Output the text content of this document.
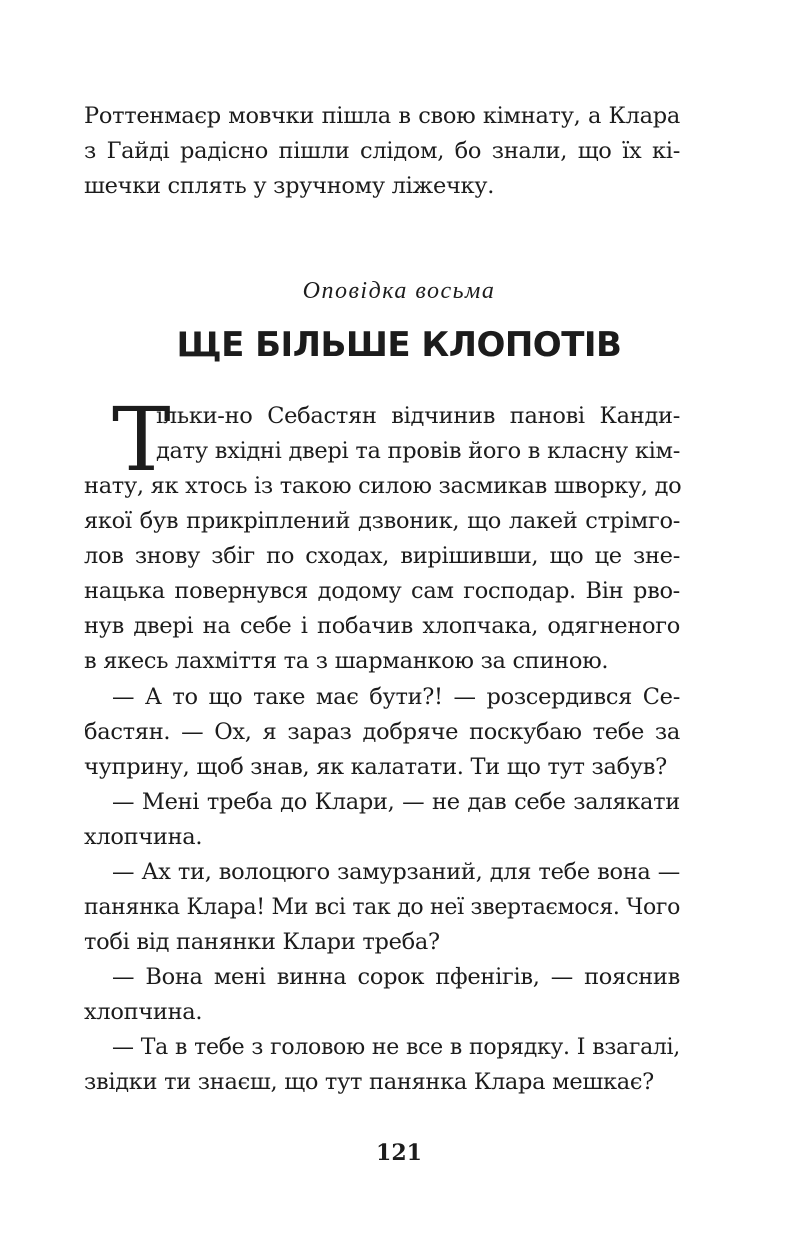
Роттенмаєр мовчки пішла в свою кімнату, а Клара

з Гайді радісно пішли слідом, бо знали, що їх кі-

шечки сплять у зручному ліжечку.

Оповідка восьма
ЩЕ БІЛЬШЕ КЛОПОТІВ
Т

ільки-но Себастян відчинив панові Канди-

дату вхідні двері та провів його в класну кім-

нату, як хтось із такою силою засмикав шворку, до

якої був прикріплений дзвоник, що лакей стрімго-

лов знову збіг по сходах, вирішивши, що це зне-

нацька повернувся додому сам господар. Він рво-

нув двері на себе і побачив хлопчака, одягненого

в якесь лахміття та з шарманкою за спиною.

— А то що таке має бути?! — розсердився Се-

бастян. — Ох, я зараз добряче поскубаю тебе за

чуприну, щоб знав, як калатати. Ти що тут забув?

— Мені треба до Клари, — не дав себе залякати

хлопчина.

— Ах ти, волоцюго замурзаний, для тебе вона —

панянка Клара! Ми всі так до неї звертаємося. Чого

тобі від панянки Клари треба?

— Вона мені винна сорок пфенігів, — пояснив

хлопчина.

— Та в тебе з головою не все в порядку. І взагалі,

звідки ти знаєш, що тут панянка Клара мешкає?

121
